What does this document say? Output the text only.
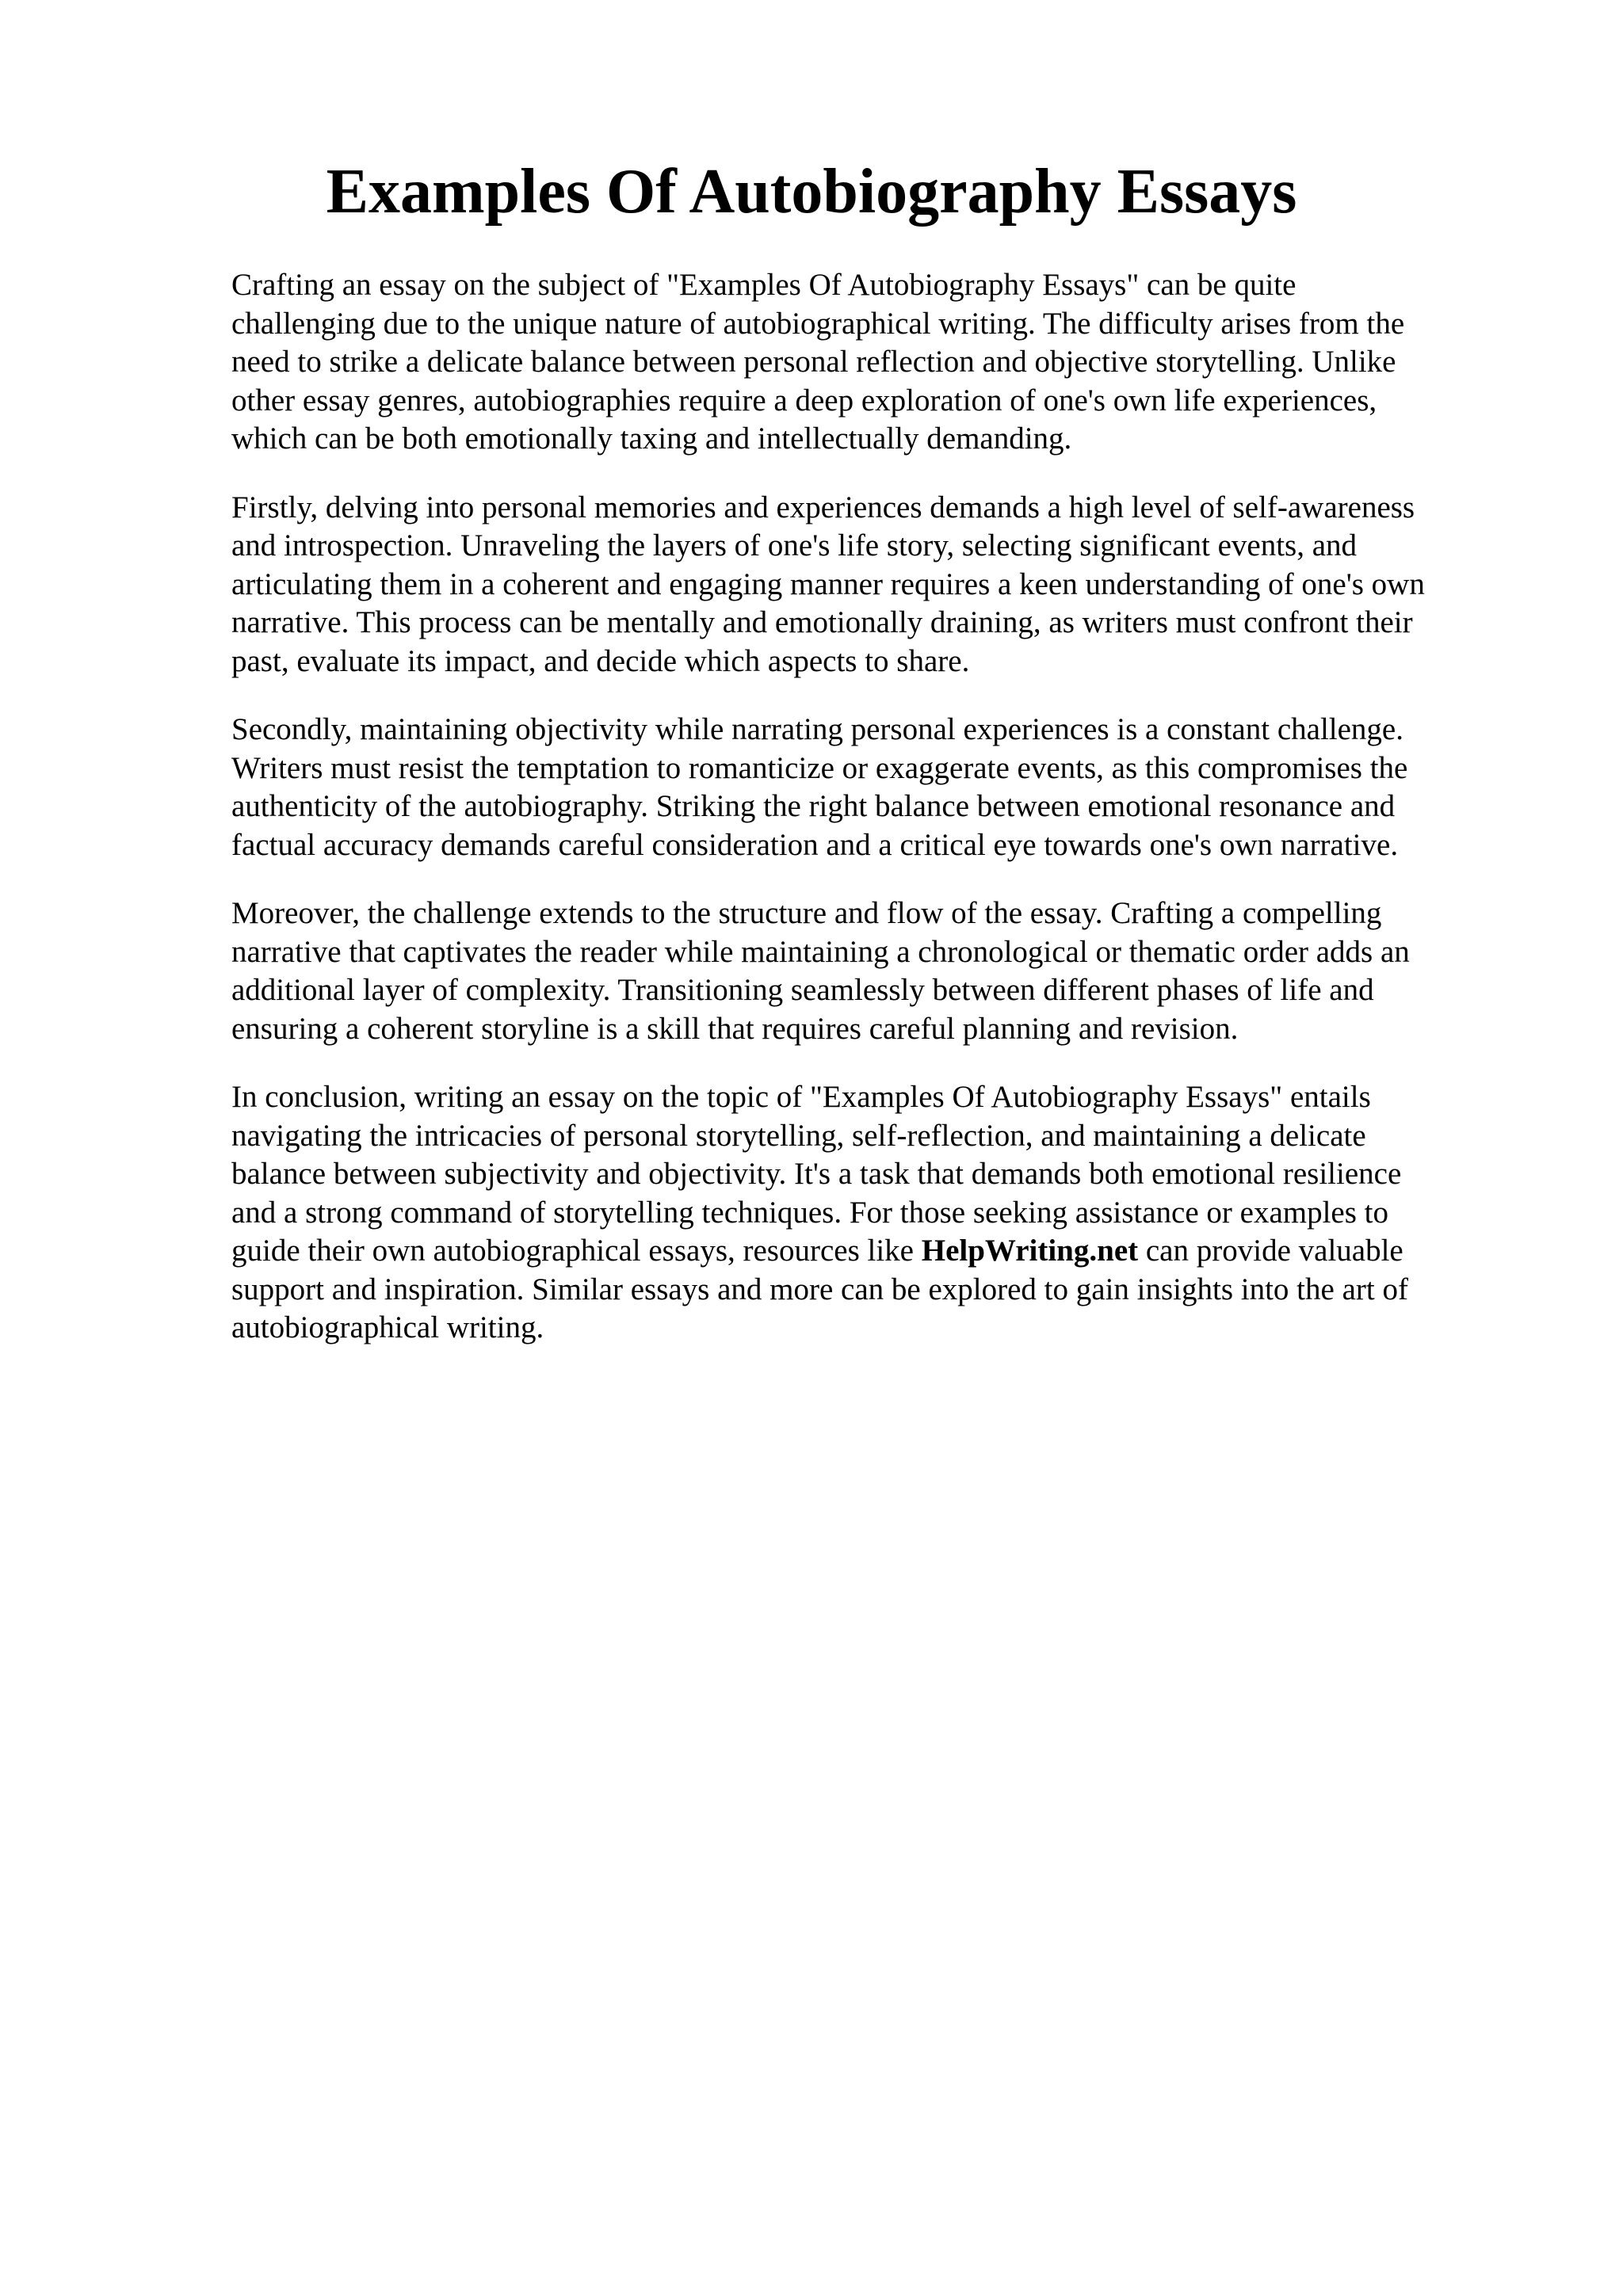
Examples Of Autobiography Essays

Crafting an essay on the subject of "Examples Of Autobiography Essays" can be quite
challenging due to the unique nature of autobiographical writing. The difficulty arises from the
need to strike a delicate balance between personal reflection and objective storytelling. Unlike
other essay genres, autobiographies require a deep exploration of one's own life experiences,
which can be both emotionally taxing and intellectually demanding.

Firstly, delving into personal memories and experiences demands a high level of self-awareness
and introspection. Unraveling the layers of one's life story, selecting significant events, and
articulating them in a coherent and engaging manner requires a keen understanding of one's own
narrative. This process can be mentally and emotionally draining, as writers must confront their
past, evaluate its impact, and decide which aspects to share.

Secondly, maintaining objectivity while narrating personal experiences is a constant challenge.
Writers must resist the temptation to romanticize or exaggerate events, as this compromises the
authenticity of the autobiography. Striking the right balance between emotional resonance and
factual accuracy demands careful consideration and a critical eye towards one's own narrative.

Moreover, the challenge extends to the structure and flow of the essay. Crafting a compelling
narrative that captivates the reader while maintaining a chronological or thematic order adds an
additional layer of complexity. Transitioning seamlessly between different phases of life and
ensuring a coherent storyline is a skill that requires careful planning and revision.

In conclusion, writing an essay on the topic of "Examples Of Autobiography Essays" entails
navigating the intricacies of personal storytelling, self-reflection, and maintaining a delicate
balance between subjectivity and objectivity. It's a task that demands both emotional resilience
and a strong command of storytelling techniques. For those seeking assistance or examples to
guide their own autobiographical essays, resources like HelpWriting.net can provide valuable
support and inspiration. Similar essays and more can be explored to gain insights into the art of
autobiographical writing.
